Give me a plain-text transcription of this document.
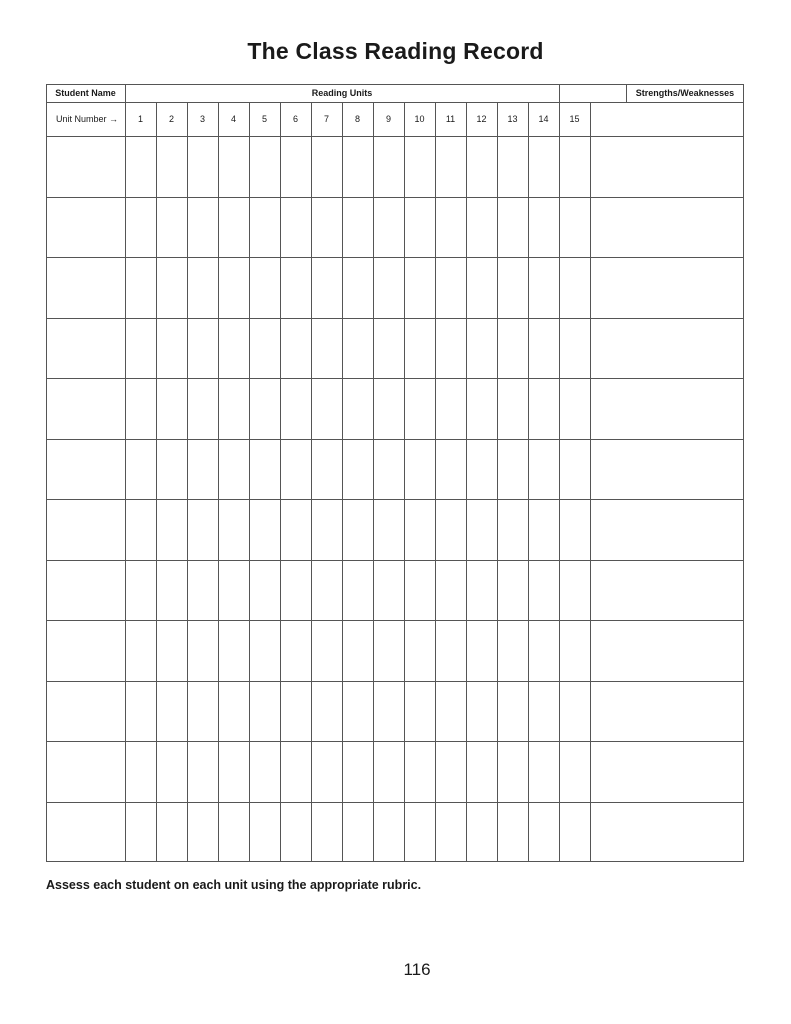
The Class Reading Record
Student Name	Reading Units	Strengths/Weaknesses
Unit Number →	1	2	3	4	5	6	7	8	9	10	11	12	13	14	15
Assess each student on each unit using the appropriate rubric.
116
